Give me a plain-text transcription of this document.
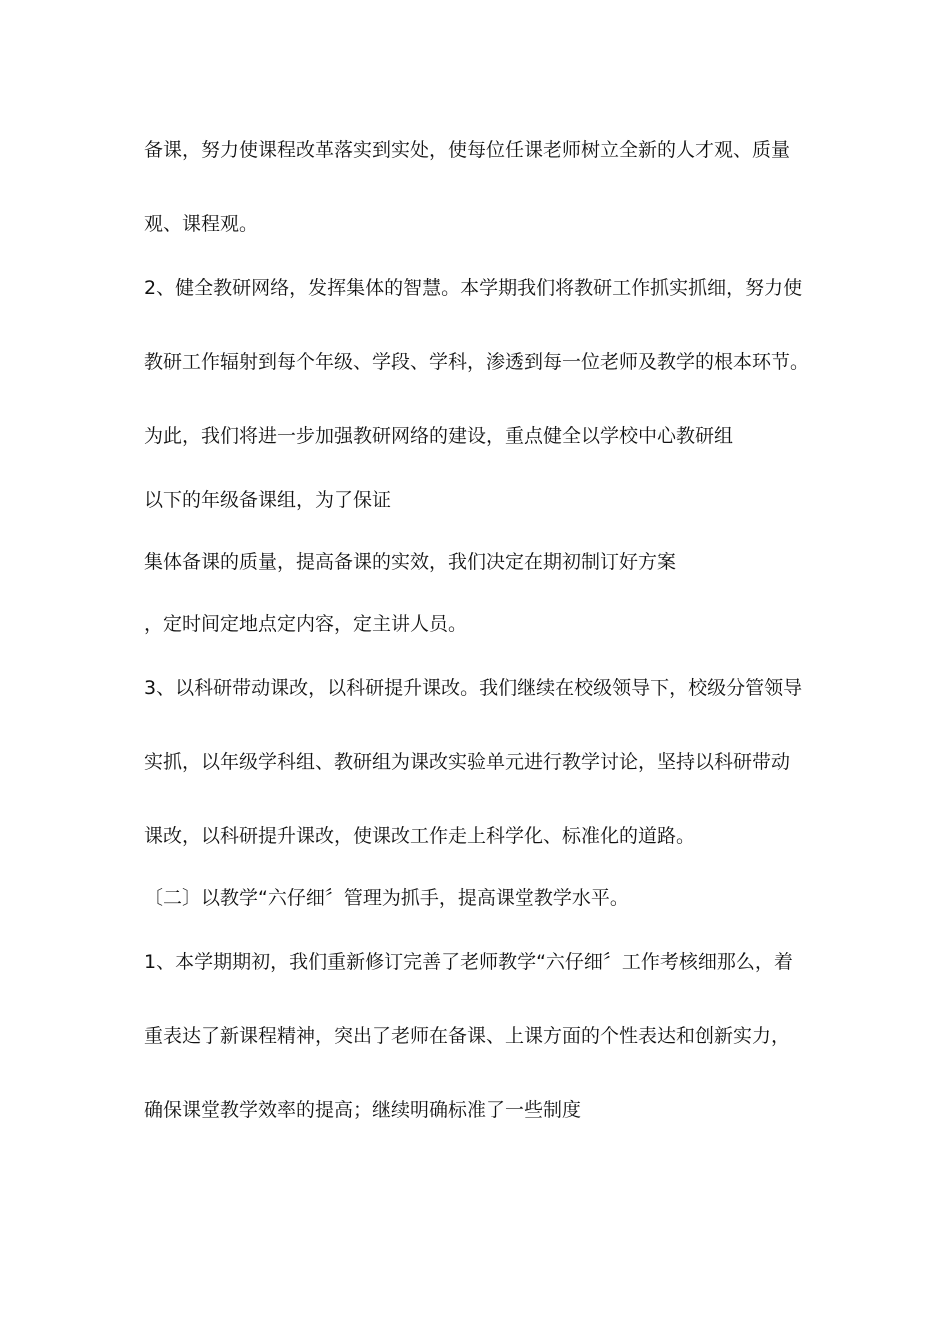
备课，努力使课程改革落实到实处，使每位任课老师树立全新的人才观、质量
观、课程观。
2、健全教研网络，发挥集体的智慧。本学期我们将教研工作抓实抓细，努力使
教研工作辐射到每个年级、学段、学科，渗透到每一位老师及教学的根本环节。
为此，我们将进一步加强教研网络的建设，重点健全以学校中心教研组
以下的年级备课组，为了保证
集体备课的质量，提高备课的实效，我们决定在期初制订好方案
，定时间定地点定内容，定主讲人员。
3、以科研带动课改，以科研提升课改。我们继续在校级领导下，校级分管领导
实抓，以年级学科组、教研组为课改实验单元进行教学讨论，坚持以科研带动
课改，以科研提升课改，使课改工作走上科学化、标准化的道路。
〔二〕以教学“六仔细〞管理为抓手，提高课堂教学水平。
1、本学期期初，我们重新修订完善了老师教学“六仔细〞工作考核细那么，着
重表达了新课程精神，突出了老师在备课、上课方面的个性表达和创新实力，
确保课堂教学效率的提高；继续明确标准了一些制度
